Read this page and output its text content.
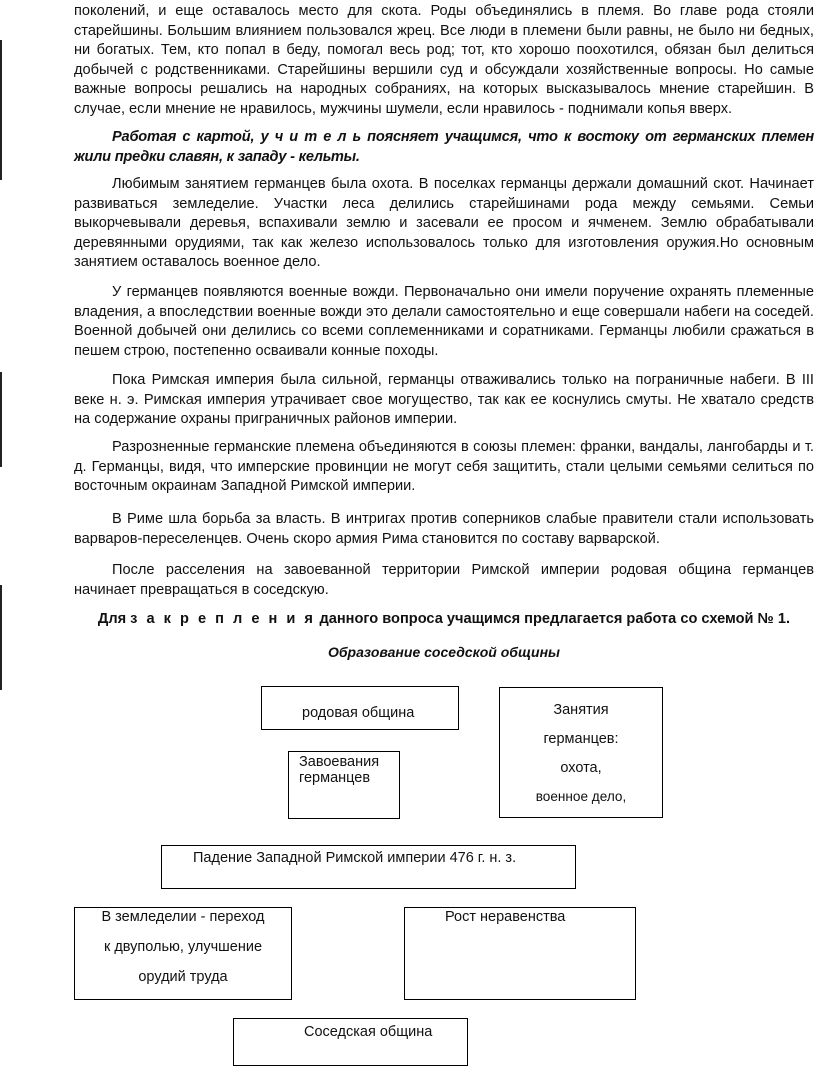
поколений, и еще оставалось место для скота. Роды объединялись в племя. Во главе рода стояли старейшины. Большим влиянием пользовался жрец. Все люди в племени были равны, не было ни бедных, ни богатых. Тем, кто попал в беду, помогал весь род; тот, кто хорошо поохотился, обязан был делиться добычей с родственниками. Старейшины вершили суд и обсуждали хозяйственные вопросы. Но самые важные вопросы решались на народных собраниях, на которых высказывалось мнение старейшин. В случае, если мнение не нравилось, мужчины шумели, если нравилось - поднимали копья вверх.

Работая с картой, у ч и т е л ь поясняет учащимся, что к востоку от германских племен жили предки славян, к западу - кельты.

Любимым занятием германцев была охота. В поселках германцы держали домашний скот. Начинает развиваться земледелие. Участки леса делились старейшинами рода между семьями. Семьи выкорчевывали деревья, вспахивали землю и засевали ее просом и ячменем. Землю обрабатывали деревянными орудиями, так как железо использовалось только для изготовления оружия.Но основным занятием оставалось военное дело.

У германцев появляются военные вожди. Первоначально они имели поручение охранять племенные владения, а впоследствии военные вожди это делали самостоятельно и еще совершали набеги на соседей. Военной добычей они делились со всеми соплеменниками и соратниками. Германцы любили сражаться в пешем строю, постепенно осваивали конные походы.

Пока Римская империя была сильной, германцы отваживались только на пограничные набеги. В III веке н. э. Римская империя утрачивает свое могущество, так как ее коснулись смуты. Не хватало средств на содержание охраны приграничных районов империи.

Разрозненные германские племена объединяются в союзы племен: франки, вандалы, лангобарды и т. д. Германцы, видя, что имперские провинции не могут себя защитить, стали целыми семьями селиться по восточным окраинам Западной Римской империи.

В Риме шла борьба за власть. В интригах против соперников слабые правители стали использовать варваров-переселенцев. Очень скоро армия Рима становится по составу варварской.

После расселения на завоеванной территории Римской империи родовая община германцев начинает превращаться в соседскую.

Для з а к р е п л е н и я данного вопроса учащимся предлагается работа со схемой № 1.

Образование соседской общины

родовая община	Занятия
германцев:
охота,
военное дело,
Завоевания
германцев
Падение Западной Римской империи 476 г. н. з.
В земледелии - переход
к двуполью, улучшение
орудий труда
Рост неравенства
Соседская община
